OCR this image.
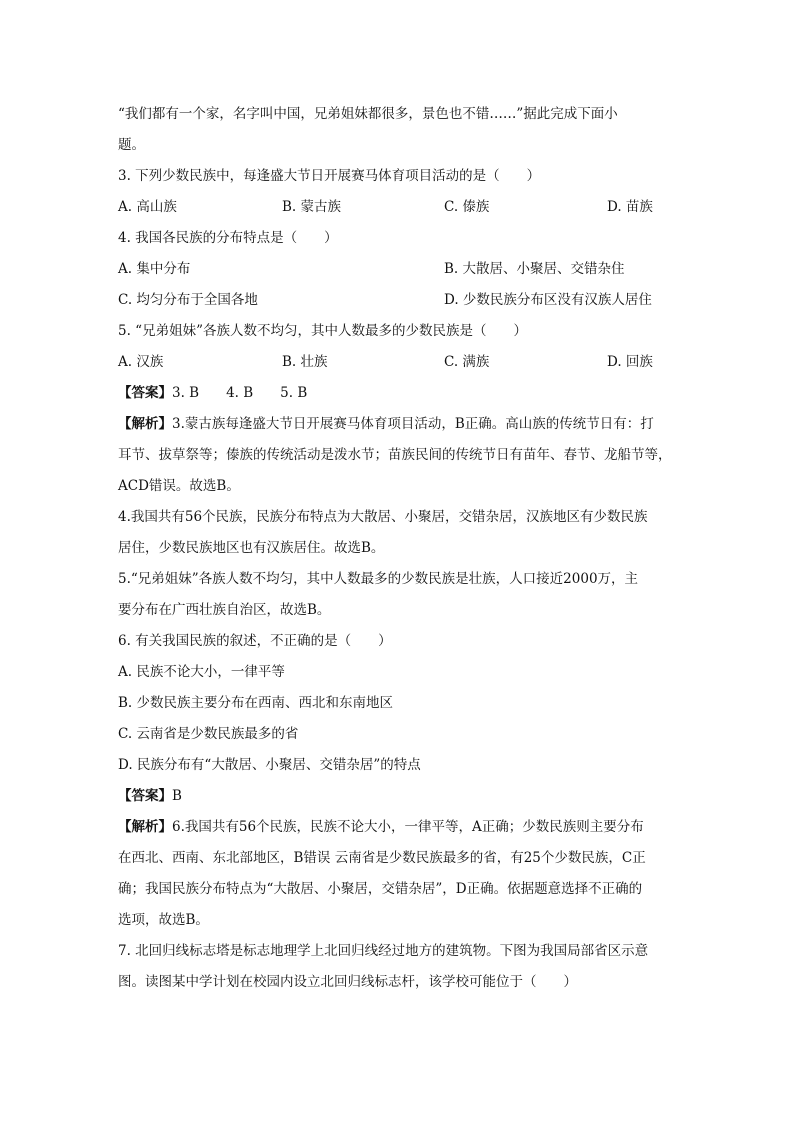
“我们都有一个家，名字叫中国，兄弟姐妹都很多，景色也不错……”据此完成下面小
题。
3. 下列少数民族中，每逢盛大节日开展赛马体育项目活动的是（　　）
A. 高山族	B. 蒙古族	C. 傣族	D. 苗族
4. 我国各民族的分布特点是（　　）
A. 集中分布	B. 大散居、小聚居、交错杂住
C. 均匀分布于全国各地	D. 少数民族分布区没有汉族人居住
5. “兄弟姐妹”各族人数不均匀，其中人数最多的少数民族是（　　）
A. 汉族	B. 壮族	C. 满族	D. 回族
【答案】3. B　　4. B　　5. B
【解析】3.蒙古族每逢盛大节日开展赛马体育项目活动，B正确。高山族的传统节日有：打
耳节、拔草祭等；傣族的传统活动是泼水节；苗族民间的传统节日有苗年、春节、龙船节等，
ACD错误。故选B。
4.我国共有56个民族，民族分布特点为大散居、小聚居，交错杂居，汉族地区有少数民族
居住，少数民族地区也有汉族居住。故选B。
5.“兄弟姐妹”各族人数不均匀，其中人数最多的少数民族是壮族，人口接近2000万，主
要分布在广西壮族自治区，故选B。
6. 有关我国民族的叙述，不正确的是（　　）
A. 民族不论大小，一律平等
B. 少数民族主要分布在西南、西北和东南地区
C. 云南省是少数民族最多的省
D. 民族分布有“大散居、小聚居、交错杂居”的特点
【答案】B
【解析】6.我国共有56个民族，民族不论大小，一律平等，A正确；少数民族则主要分布
在西北、西南、东北部地区，B错误 云南省是少数民族最多的省，有25个少数民族，C正
确；我国民族分布特点为“大散居、小聚居，交错杂居”，D正确。依据题意选择不正确的
选项，故选B。
7. 北回归线标志塔是标志地理学上北回归线经过地方的建筑物。下图为我国局部省区示意
图。读图某中学计划在校园内设立北回归线标志杆，该学校可能位于（　　）
